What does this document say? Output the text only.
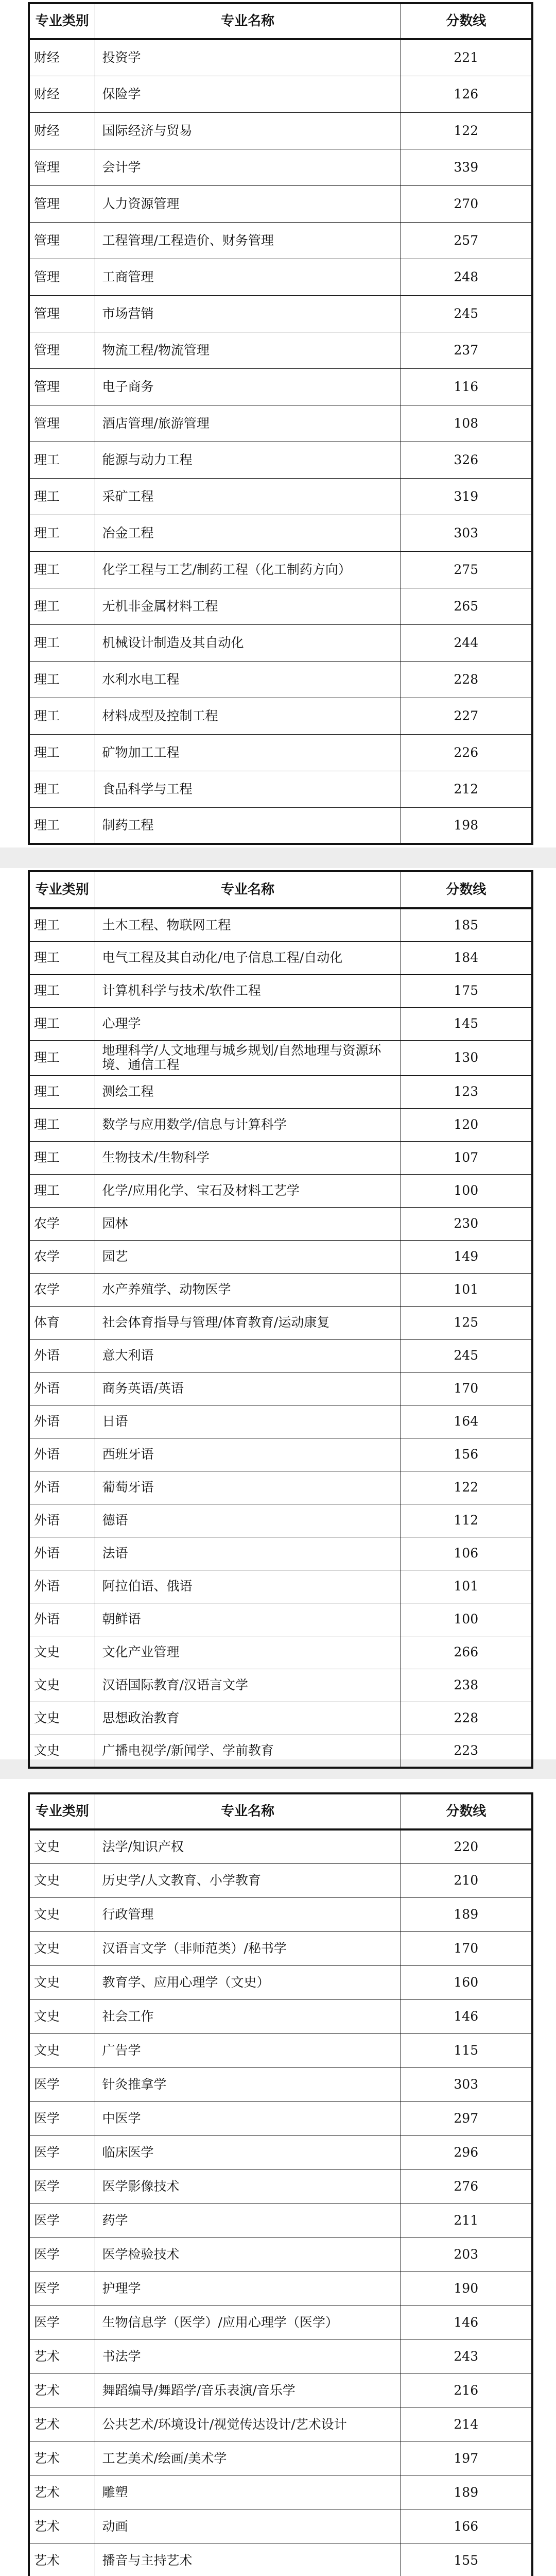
专业类别	专业名称	分数线
财经	投资学	221
财经	保险学	126
财经	国际经济与贸易	122
管理	会计学	339
管理	人力资源管理	270
管理	工程管理/工程造价、财务管理	257
管理	工商管理	248
管理	市场营销	245
管理	物流工程/物流管理	237
管理	电子商务	116
管理	酒店管理/旅游管理	108
理工	能源与动力工程	326
理工	采矿工程	319
理工	冶金工程	303
理工	化学工程与工艺/制药工程（化工制药方向）	275
理工	无机非金属材料工程	265
理工	机械设计制造及其自动化	244
理工	水利水电工程	228
理工	材料成型及控制工程	227
理工	矿物加工工程	226
理工	食品科学与工程	212
理工	制药工程	198
专业类别	专业名称	分数线
理工	土木工程、物联网工程	185
理工	电气工程及其自动化/电子信息工程/自动化	184
理工	计算机科学与技术/软件工程	175
理工	心理学	145
理工	地理科学/人文地理与城乡规划/自然地理与资源环境、通信工程	130
理工	测绘工程	123
理工	数学与应用数学/信息与计算科学	120
理工	生物技术/生物科学	107
理工	化学/应用化学、宝石及材料工艺学	100
农学	园林	230
农学	园艺	149
农学	水产养殖学、动物医学	101
体育	社会体育指导与管理/体育教育/运动康复	125
外语	意大利语	245
外语	商务英语/英语	170
外语	日语	164
外语	西班牙语	156
外语	葡萄牙语	122
外语	德语	112
外语	法语	106
外语	阿拉伯语、俄语	101
外语	朝鲜语	100
文史	文化产业管理	266
文史	汉语国际教育/汉语言文学	238
文史	思想政治教育	228
文史	广播电视学/新闻学、学前教育	223
专业类别	专业名称	分数线
文史	法学/知识产权	220
文史	历史学/人文教育、小学教育	210
文史	行政管理	189
文史	汉语言文学（非师范类）/秘书学	170
文史	教育学、应用心理学（文史）	160
文史	社会工作	146
文史	广告学	115
医学	针灸推拿学	303
医学	中医学	297
医学	临床医学	296
医学	医学影像技术	276
医学	药学	211
医学	医学检验技术	203
医学	护理学	190
医学	生物信息学（医学）/应用心理学（医学）	146
艺术	书法学	243
艺术	舞蹈编导/舞蹈学/音乐表演/音乐学	216
艺术	公共艺术/环境设计/视觉传达设计/艺术设计	214
艺术	工艺美术/绘画/美术学	197
艺术	雕塑	189
艺术	动画	166
艺术	播音与主持艺术	155
